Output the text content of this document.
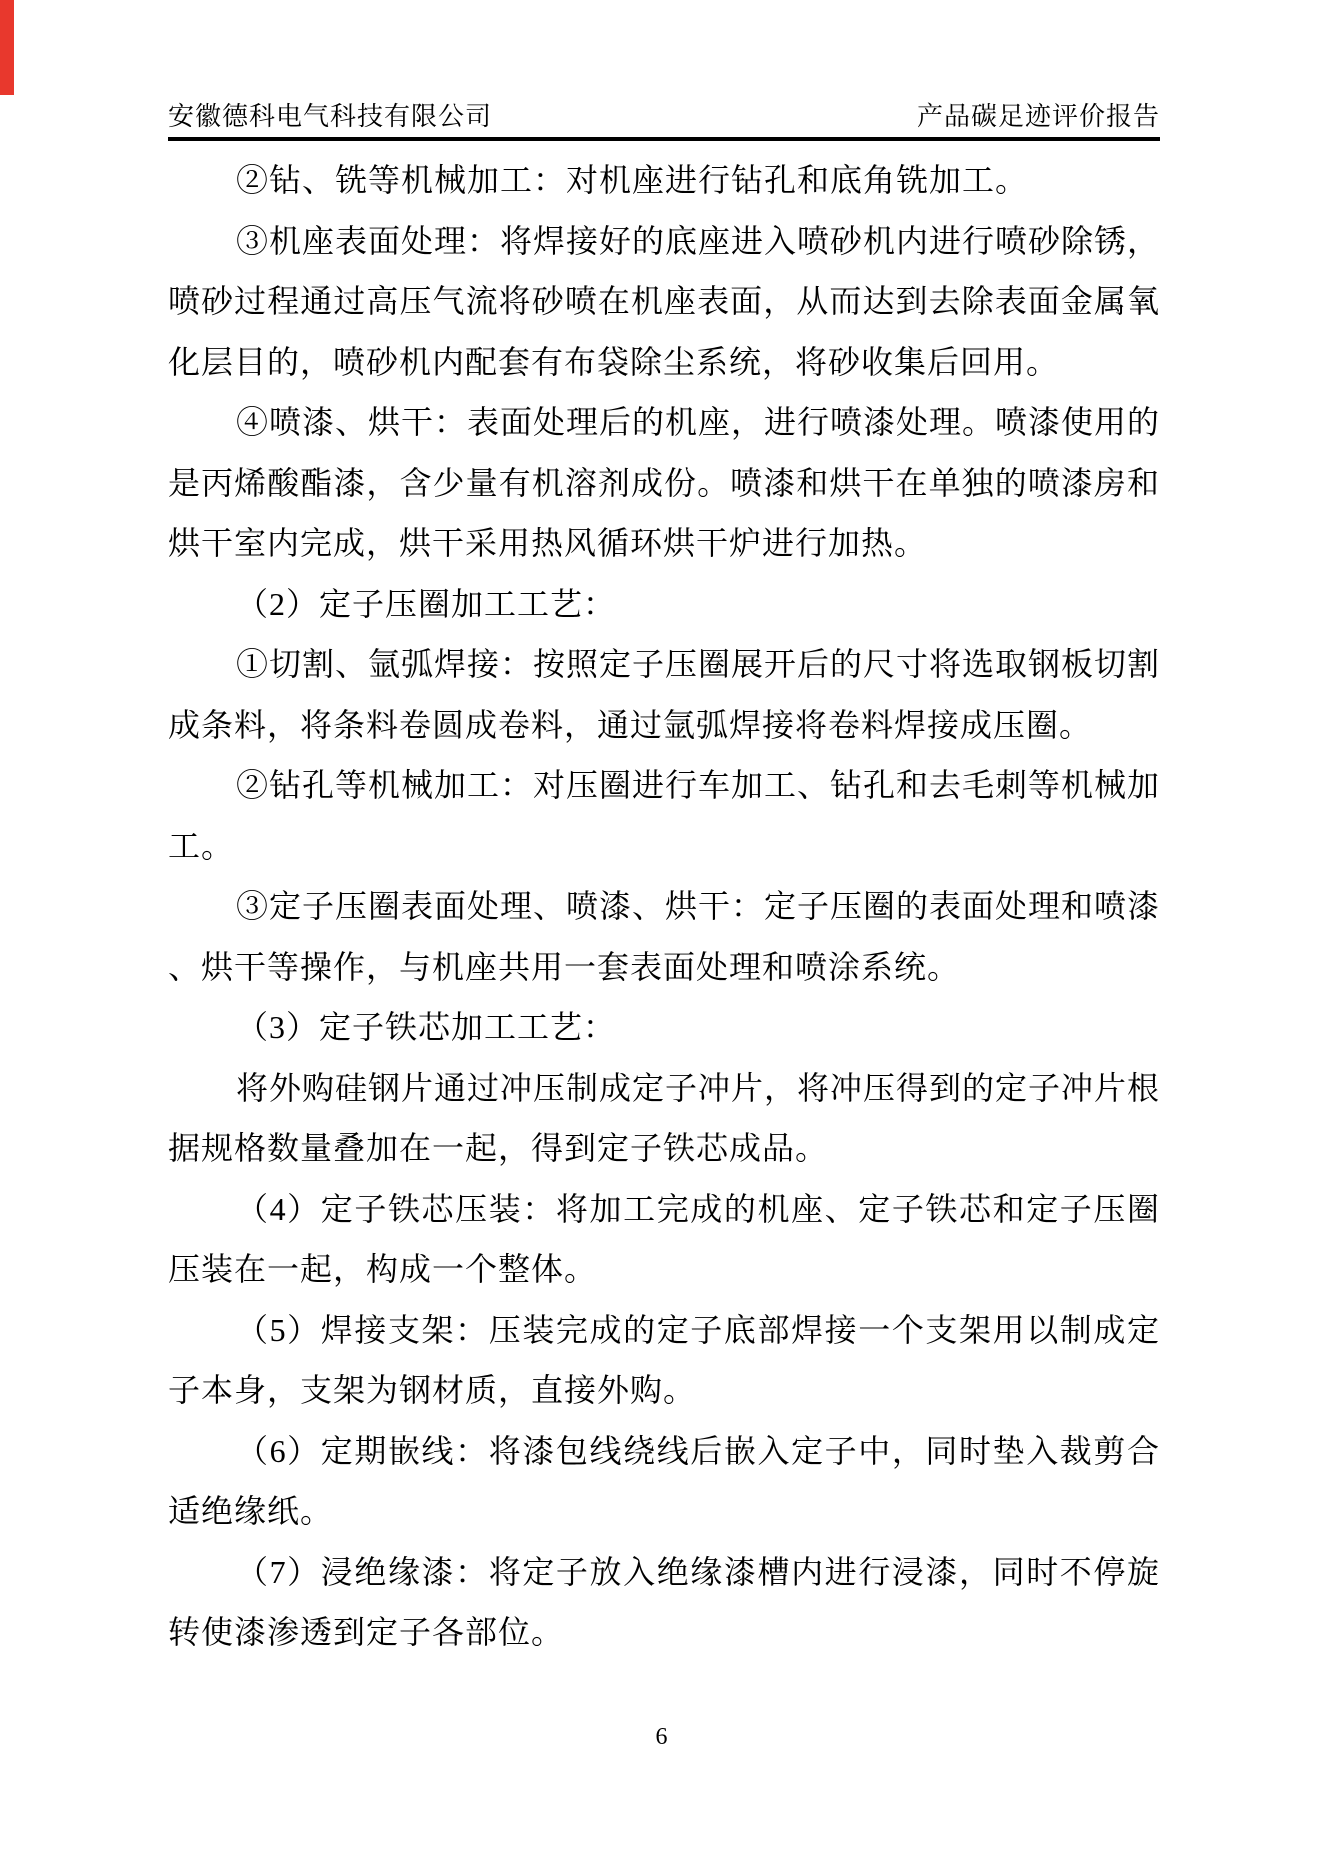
安徽德科电气科技有限公司	产品碳足迹评价报告
②钻、铣等机械加工：对机座进行钻孔和底角铣加工。
③机座表面处理：将焊接好的底座进入喷砂机内进行喷砂除锈，
喷砂过程通过高压气流将砂喷在机座表面，从而达到去除表面金属氧
化层目的，喷砂机内配套有布袋除尘系统，将砂收集后回用。
④喷漆、烘干：表面处理后的机座，进行喷漆处理。喷漆使用的
是丙烯酸酯漆，含少量有机溶剂成份。喷漆和烘干在单独的喷漆房和
烘干室内完成，烘干采用热风循环烘干炉进行加热。
（2）定子压圈加工工艺：
①切割、氩弧焊接：按照定子压圈展开后的尺寸将选取钢板切割
成条料，将条料卷圆成卷料，通过氩弧焊接将卷料焊接成压圈。
②钻孔等机械加工：对压圈进行车加工、钻孔和去毛刺等机械加
工。
③定子压圈表面处理、喷漆、烘干：定子压圈的表面处理和喷漆
、烘干等操作，与机座共用一套表面处理和喷涂系统。
（3）定子铁芯加工工艺：
将外购硅钢片通过冲压制成定子冲片，将冲压得到的定子冲片根
据规格数量叠加在一起，得到定子铁芯成品。
（4）定子铁芯压装：将加工完成的机座、定子铁芯和定子压圈
压装在一起，构成一个整体。
（5）焊接支架：压装完成的定子底部焊接一个支架用以制成定
子本身，支架为钢材质，直接外购。
（6）定期嵌线：将漆包线绕线后嵌入定子中，同时垫入裁剪合
适绝缘纸。
（7）浸绝缘漆：将定子放入绝缘漆槽内进行浸漆，同时不停旋
转使漆渗透到定子各部位。
6
